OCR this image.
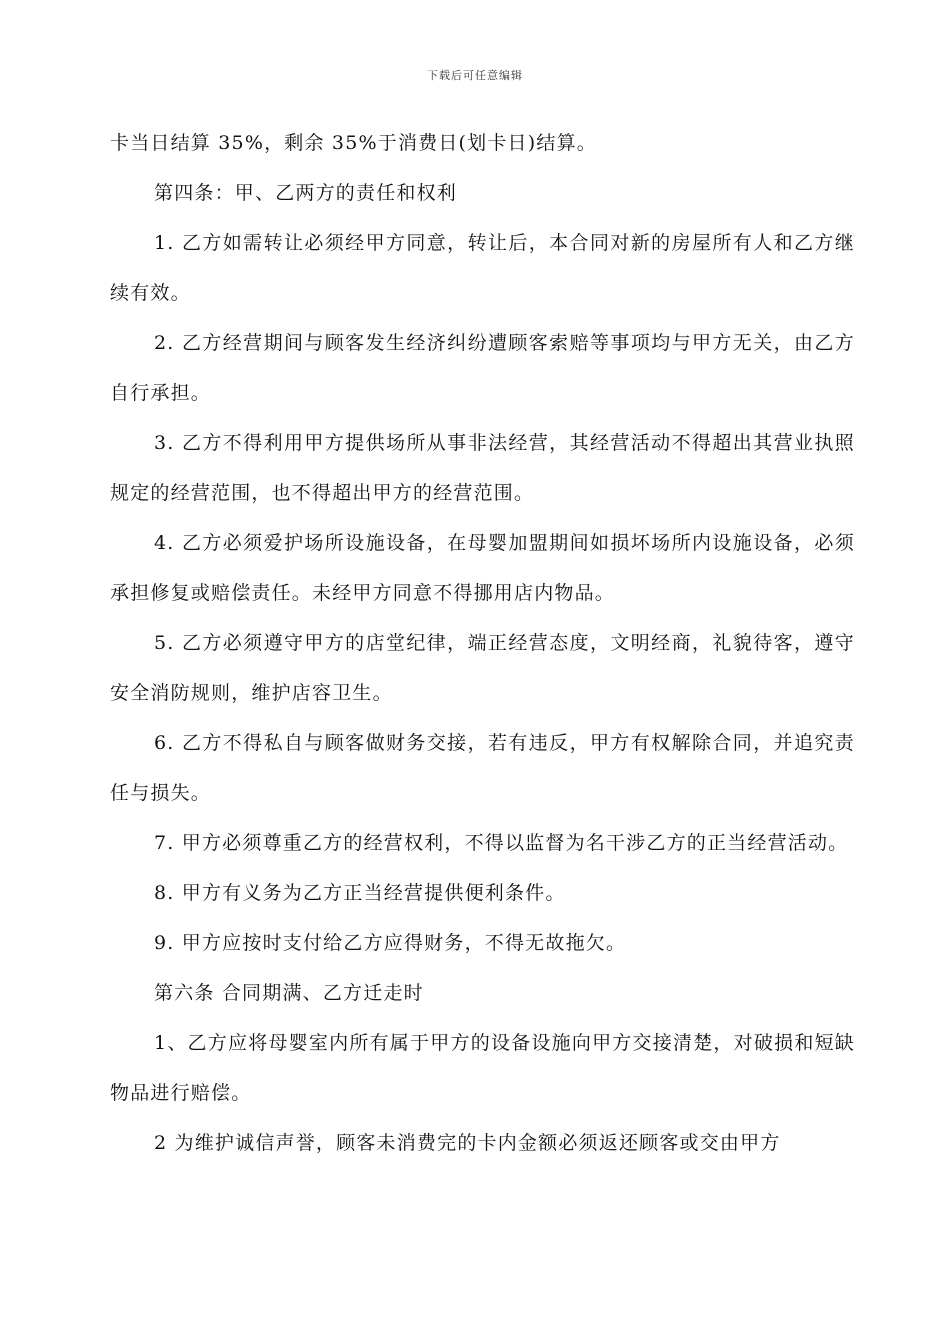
下载后可任意编辑

卡当日结算 35%，剩余 35%于消费日(划卡日)结算。

第四条：甲、乙两方的责任和权利

1. 乙方如需转让必须经甲方同意，转让后，本合同对新的房屋所有人和乙方继续有效。

2. 乙方经营期间与顾客发生经济纠纷遭顾客索赔等事项均与甲方无关，由乙方自行承担。

3. 乙方不得利用甲方提供场所从事非法经营，其经营活动不得超出其营业执照规定的经营范围，也不得超出甲方的经营范围。

4. 乙方必须爱护场所设施设备，在母婴加盟期间如损坏场所内设施设备，必须承担修复或赔偿责任。未经甲方同意不得挪用店内物品。

5. 乙方必须遵守甲方的店堂纪律，端正经营态度，文明经商，礼貌待客，遵守安全消防规则，维护店容卫生。

6. 乙方不得私自与顾客做财务交接，若有违反，甲方有权解除合同，并追究责任与损失。

7. 甲方必须尊重乙方的经营权利，不得以监督为名干涉乙方的正当经营活动。

8. 甲方有义务为乙方正当经营提供便利条件。

9. 甲方应按时支付给乙方应得财务，不得无故拖欠。

第六条 合同期满、乙方迁走时

1、乙方应将母婴室内所有属于甲方的设备设施向甲方交接清楚，对破损和短缺物品进行赔偿。

2 为维护诚信声誉，顾客未消费完的卡内金额必须返还顾客或交由甲方
